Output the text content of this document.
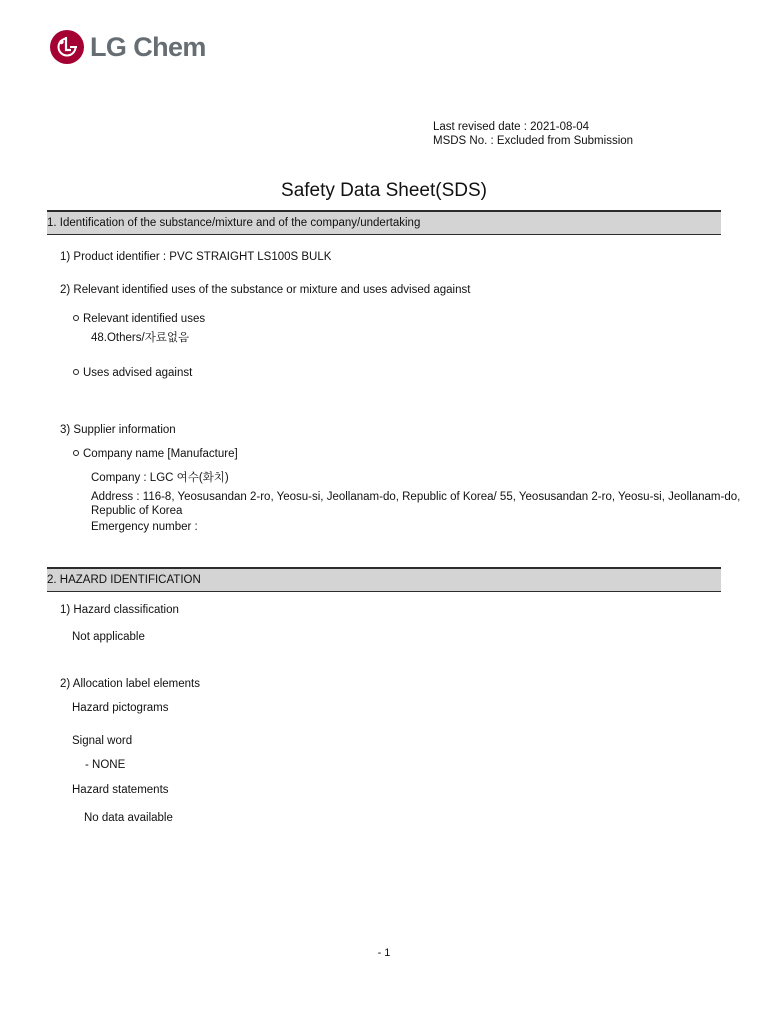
LG Chem
Last revised date : 2021-08-04
MSDS No. : Excluded from Submission
Safety Data Sheet(SDS)
1. Identification of the substance/mixture and of the company/undertaking
1) Product identifier : PVC STRAIGHT LS100S BULK
2) Relevant identified uses of the substance or mixture and uses advised against
Relevant identified uses
48.Others/자료없음
Uses advised against
3) Supplier information
Company name [Manufacture]
Company : LGC 여수(화치)
Address : 116-8, Yeosusandan 2-ro, Yeosu-si, Jeollanam-do, Republic of Korea/ 55, Yeosusandan 2-ro, Yeosu-si, Jeollanam-do, Republic of Korea
Emergency number :
2. HAZARD IDENTIFICATION
1) Hazard classification
Not applicable
2) Allocation label elements
Hazard pictograms
Signal word
- NONE
Hazard statements
No data available
- 1
